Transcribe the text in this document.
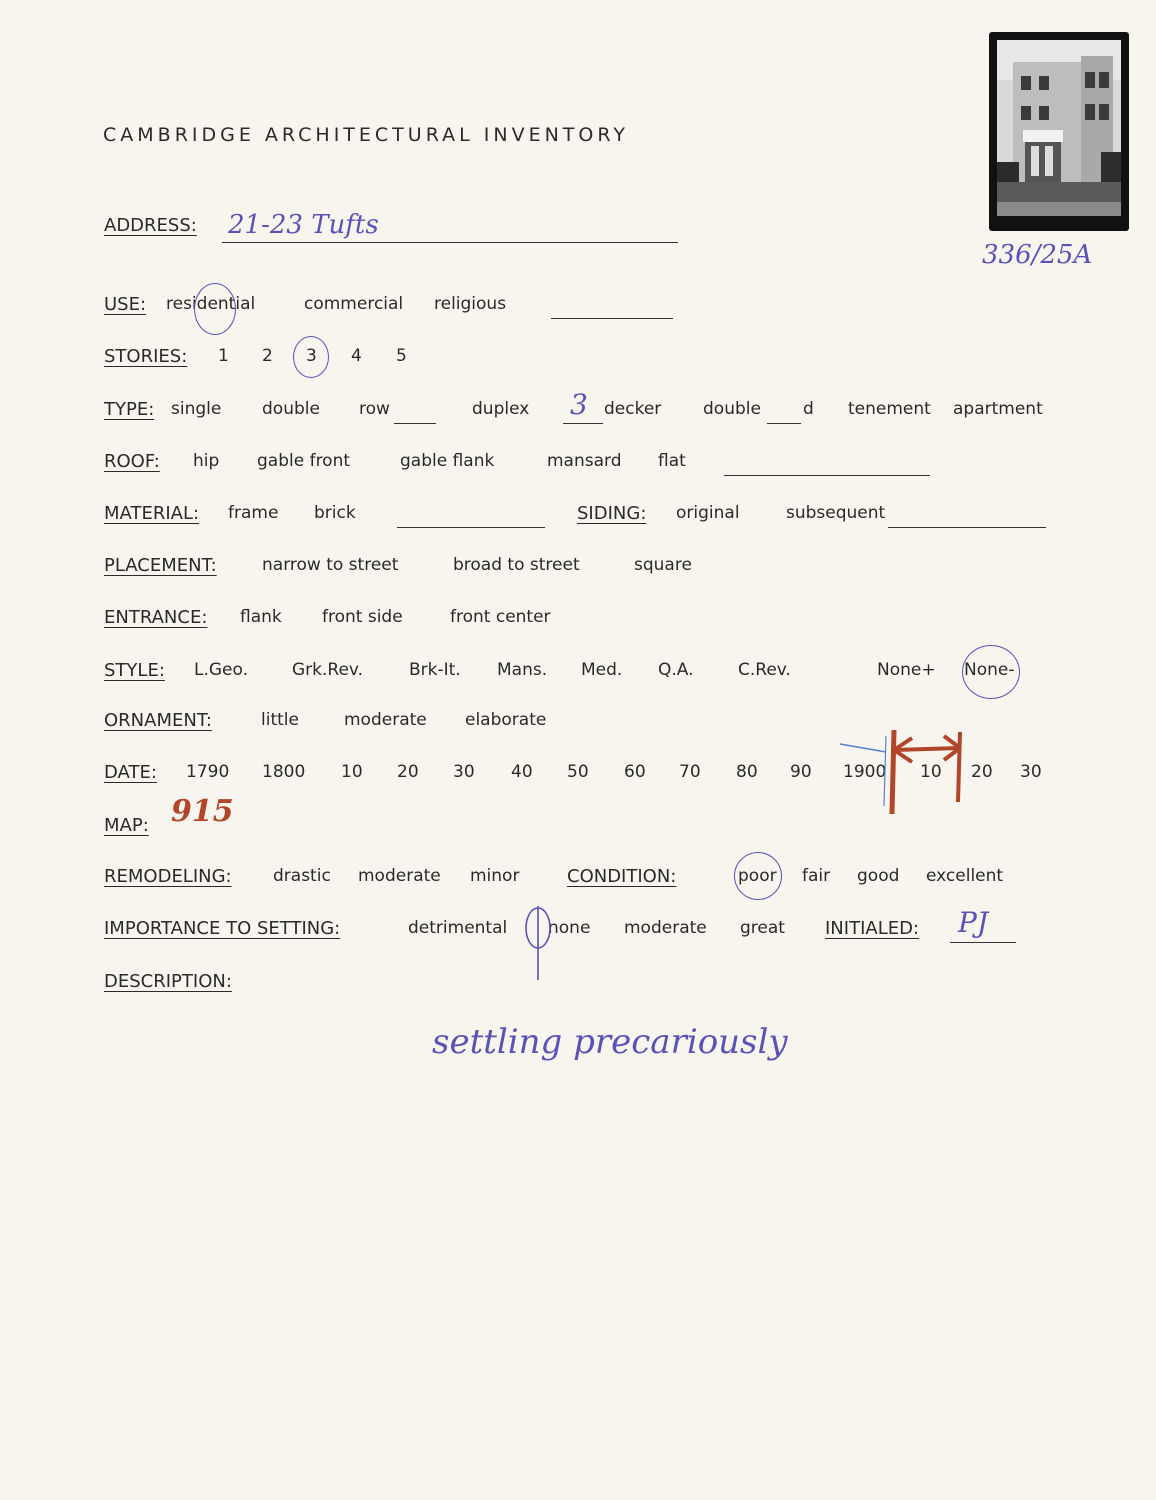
CAMBRIDGE ARCHITECTURAL INVENTORY
336/25A
ADDRESS: 21-23 Tufts
USE: residential	commercial religious
STORIES: 1 2 3 4 5
TYPE: single double row	duplex 3 decker double d tenement apartment
ROOF: hip gable front	gable flank	mansard flat
MATERIAL: frame brick	SIDING: original	subsequent
PLACEMENT:	narrow to street	broad to street	square
ENTRANCE: flank front side	front center
STYLE: L.Geo.	Grk.Rev.	Brk-It. Mans. Med. Q.A.	C.Rev.	None+ None-
ORNAMENT:	little	moderate elaborate
DATE: 1790 1800 10 20 30 40 50 60 70 80 90 1900 10 20 30
MAP: 915
REMODELING: drastic moderate minor	CONDITION:	poor fair good excellent
IMPORTANCE TO SETTING:	detrimental none moderate great INITIALED: PJ
DESCRIPTION:
settling precariously
